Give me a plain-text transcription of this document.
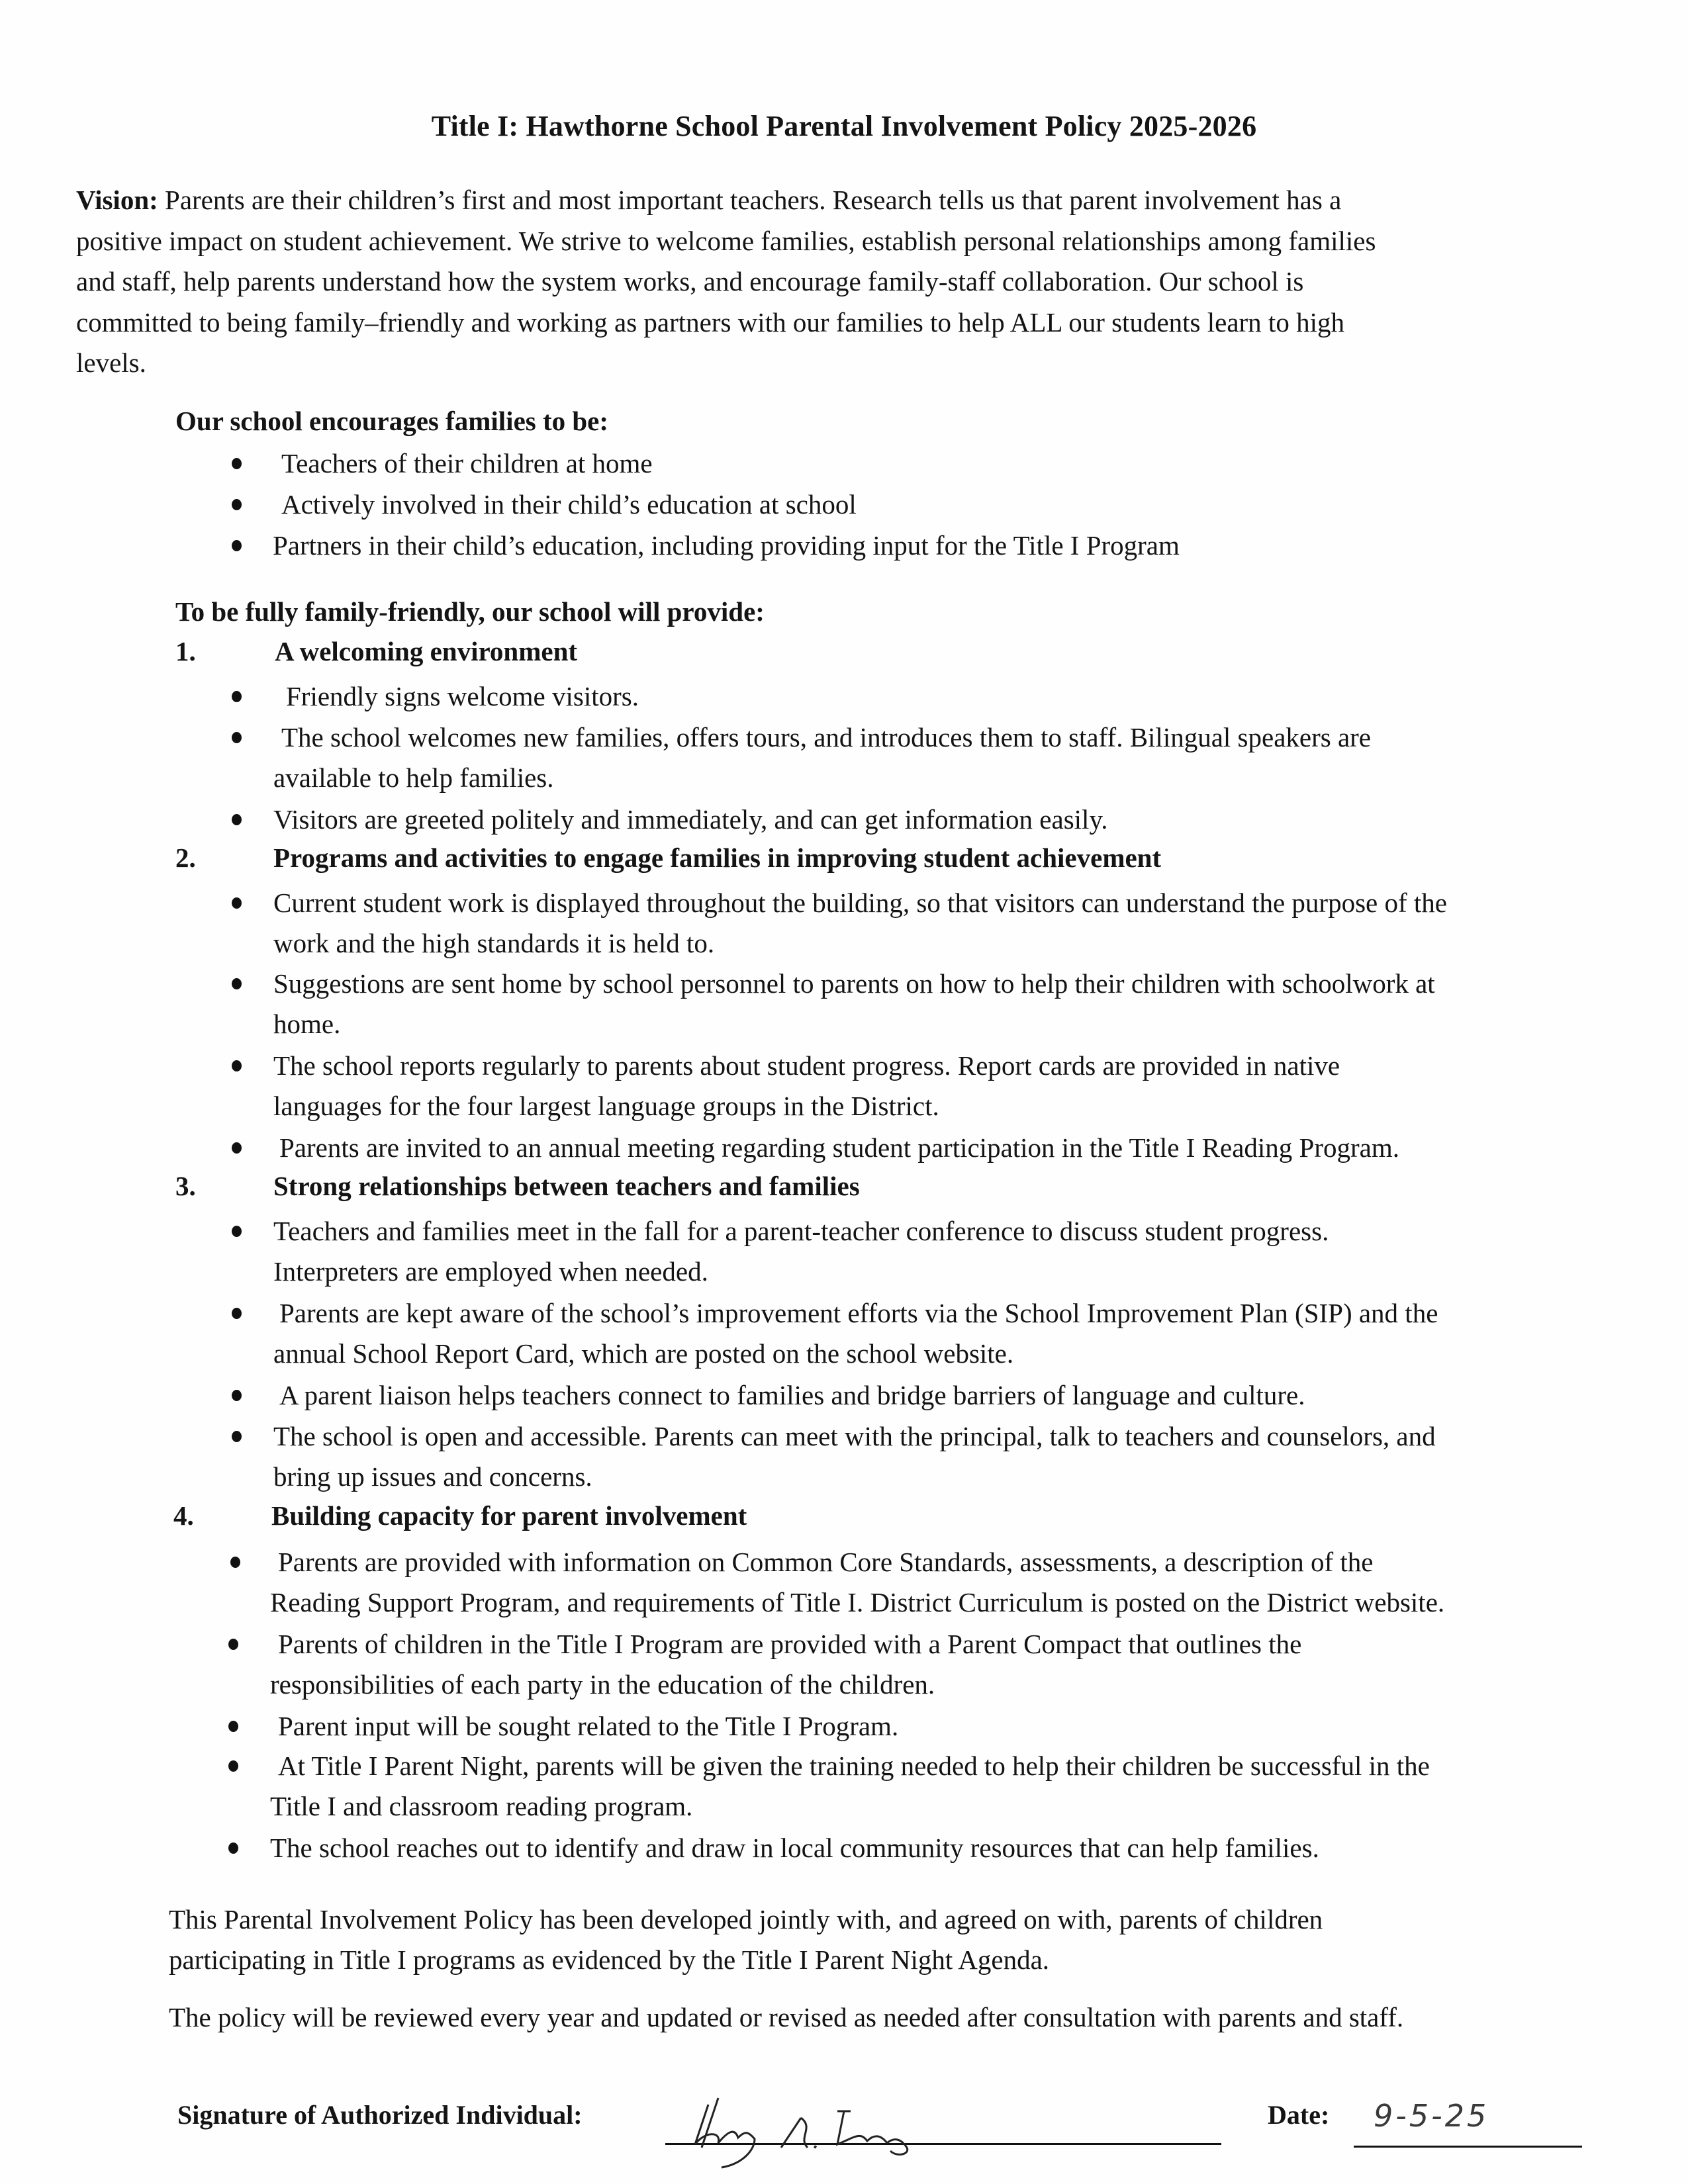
Title I: Hawthorne School Parental Involvement Policy 2025-2026
Vision: Parents are their children’s first and most important teachers. Research tells us that parent involvement has a
positive impact on student achievement. We strive to welcome families, establish personal relationships among families
and staff, help parents understand how the system works, and encourage family-staff collaboration. Our school is
committed to being family–friendly and working as partners with our families to help ALL our students learn to high
levels.
Our school encourages families to be:
Teachers of their children at home
Actively involved in their child’s education at school
Partners in their child’s education, including providing input for the Title I Program
To be fully family-friendly, our school will provide:
1.	A welcoming environment
Friendly signs welcome visitors.
The school welcomes new families, offers tours, and introduces them to staff. Bilingual speakers are
available to help families.
Visitors are greeted politely and immediately, and can get information easily.
2.	Programs and activities to engage families in improving student achievement
Current student work is displayed throughout the building, so that visitors can understand the purpose of the
work and the high standards it is held to.
Suggestions are sent home by school personnel to parents on how to help their children with schoolwork at
home.
The school reports regularly to parents about student progress. Report cards are provided in native
languages for the four largest language groups in the District.
Parents are invited to an annual meeting regarding student participation in the Title I Reading Program.
3.	Strong relationships between teachers and families
Teachers and families meet in the fall for a parent-teacher conference to discuss student progress.
Interpreters are employed when needed.
Parents are kept aware of the school’s improvement efforts via the School Improvement Plan (SIP) and the
annual School Report Card, which are posted on the school website.
A parent liaison helps teachers connect to families and bridge barriers of language and culture.
The school is open and accessible. Parents can meet with the principal, talk to teachers and counselors, and
bring up issues and concerns.
4.	Building capacity for parent involvement
Parents are provided with information on Common Core Standards, assessments, a description of the
Reading Support Program, and requirements of Title I. District Curriculum is posted on the District website.
Parents of children in the Title I Program are provided with a Parent Compact that outlines the
responsibilities of each party in the education of the children.
Parent input will be sought related to the Title I Program.
At Title I Parent Night, parents will be given the training needed to help their children be successful in the
Title I and classroom reading program.
The school reaches out to identify and draw in local community resources that can help families.
This Parental Involvement Policy has been developed jointly with, and agreed on with, parents of children
participating in Title I programs as evidenced by the Title I Parent Night Agenda.
The policy will be reviewed every year and updated or revised as needed after consultation with parents and staff.
Signature of Authorized Individual:	Date: 9-5-25
